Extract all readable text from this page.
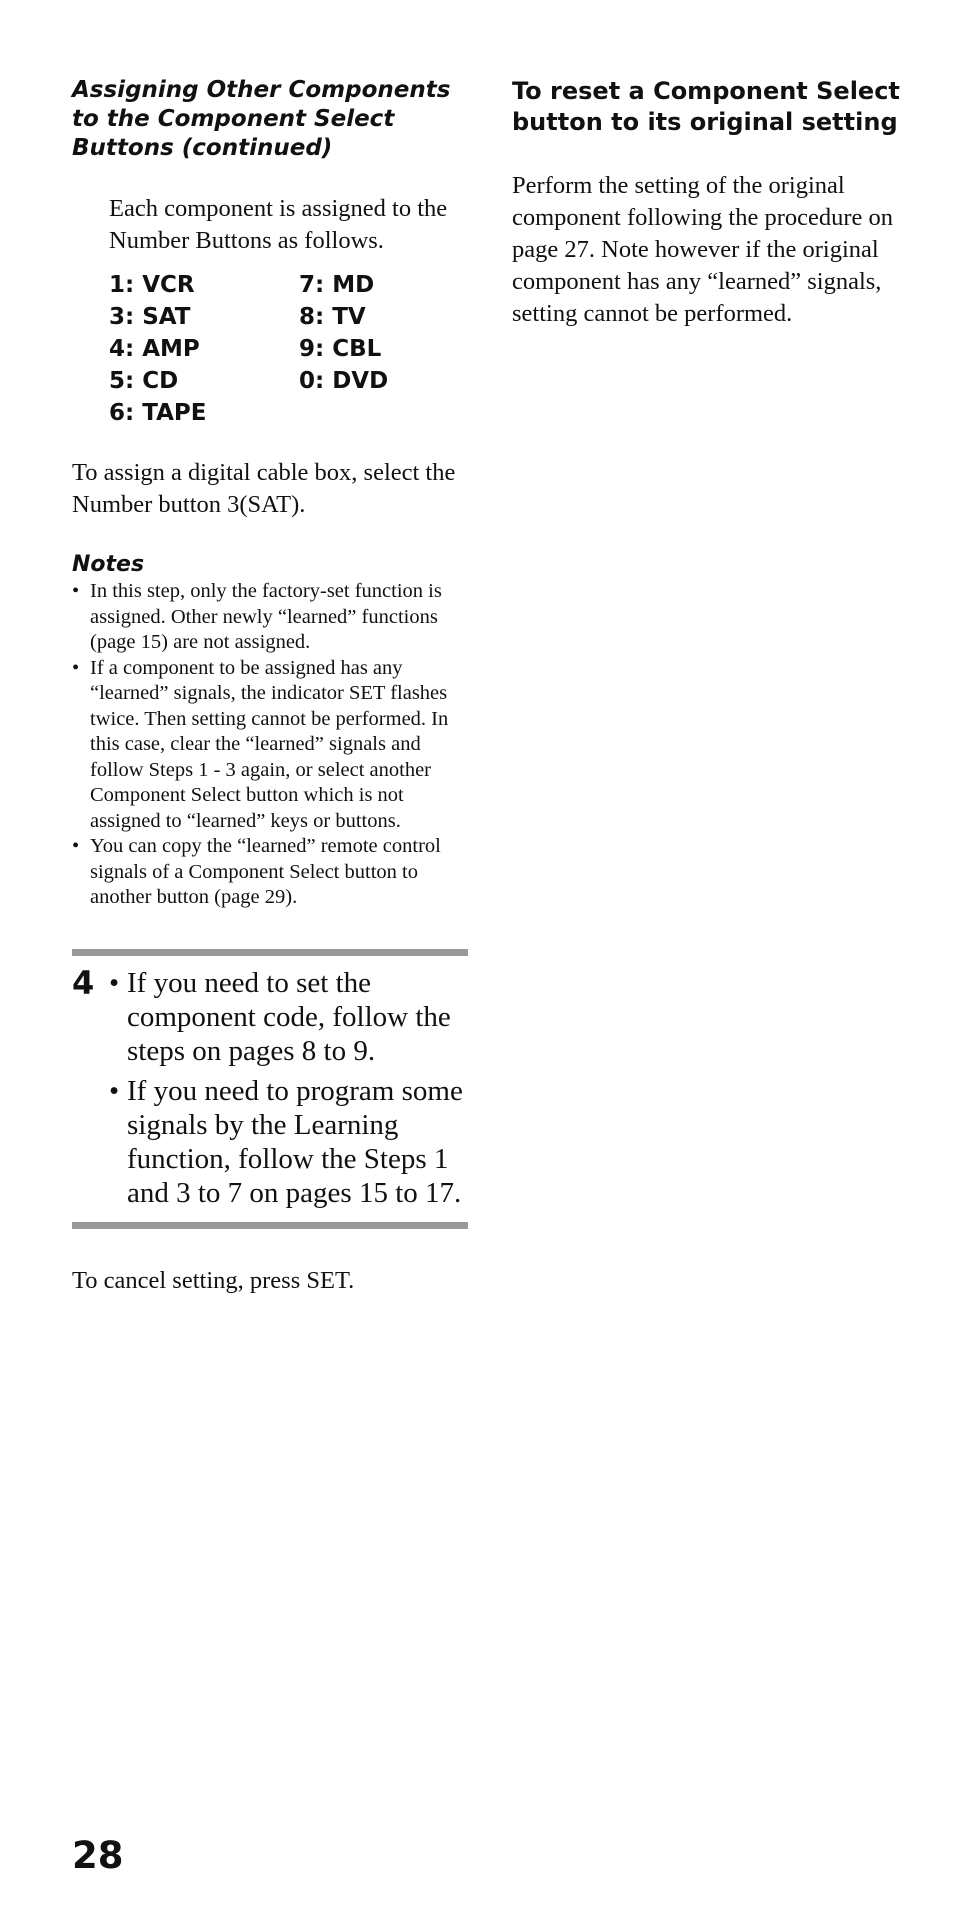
Assigning Other Components to the Component Select Buttons (continued)

Each component is assigned to the Number Buttons as follows.

1: VCR	7: MD
3: SAT	8: TV
4: AMP	9: CBL
5: CD	0: DVD
6: TAPE

To assign a digital cable box, select the Number button 3(SAT).

Notes
• In this step, only the factory-set function is assigned. Other newly “learned” functions (page 15) are not assigned.
• If a component to be assigned has any “learned” signals, the indicator SET flashes twice. Then setting cannot be performed. In this case, clear the “learned” signals and follow Steps 1 - 3 again, or select another Component Select button which is not assigned to “learned” keys or buttons.
• You can copy the “learned” remote control signals of a Component Select button to another button (page 29).
4
•	If you need to set the component code, follow the steps on pages 8 to 9.
• If you need to program some signals by the Learning function, follow the Steps 1 and 3 to 7 on pages 15 to 17.

To cancel setting, press SET.

To reset a Component Select button to its original setting

Perform the setting of the original component following the procedure on page 27. Note however if the original component has any “learned” signals, setting cannot be performed.

28
